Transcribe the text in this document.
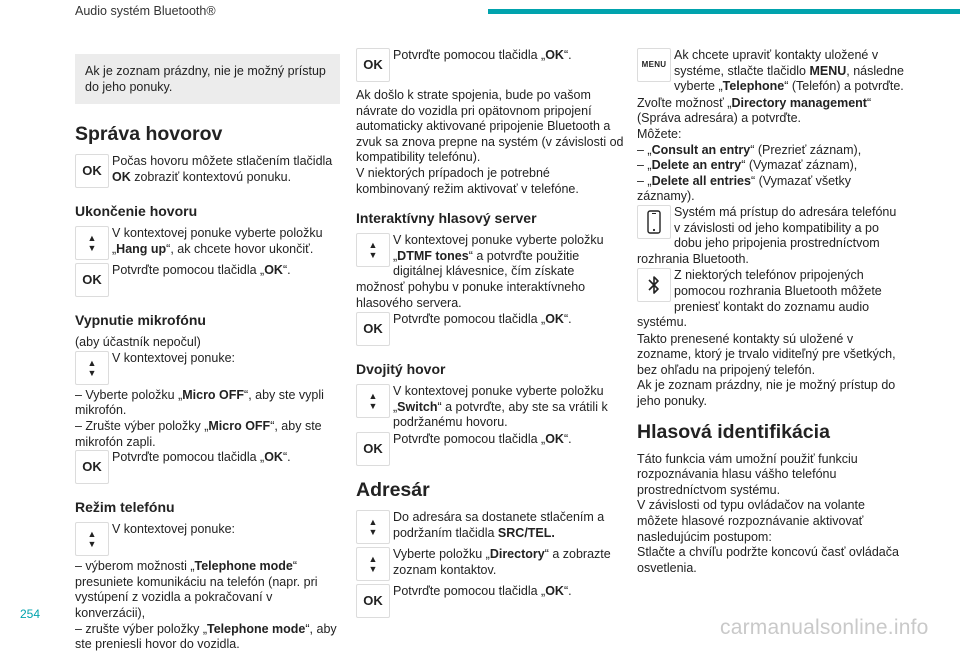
Audio systém Bluetooth®

Ak je zoznam prázdny, nie je možný prístup do jeho ponuky.

Správa hovorov
OK
Počas hovoru môžete stlačením tlačidla OK zobraziť kontextovú ponuku.
Ukončenie hovoru
▲
▼
V kontextovej ponuke vyberte položku „Hang up“, ak chcete hovor ukončiť.
OK
Potvrďte pomocou tlačidla „OK“.
Vypnutie mikrofónu

(aby účastník nepočul)

▲
▼
V kontextovej ponuke:

– Vyberte položku „Micro OFF“, aby ste vypli mikrofón.

– Zrušte výber položky „Micro OFF“, aby ste mikrofón zapli.

OK
Potvrďte pomocou tlačidla „OK“.
Režim telefónu
▲
▼
V kontextovej ponuke:

– výberom možnosti „Telephone mode“ presuniete komunikáciu na telefón (napr. pri vystúpení z vozidla a pokračovaní v konverzácii),

– zrušte výber položky „Telephone mode“, aby ste preniesli hovor do vozidla.

OK
Potvrďte pomocou tlačidla „OK“.

Ak došlo k strate spojenia, bude po vašom návrate do vozidla pri opätovnom pripojení automaticky aktivované pripojenie Bluetooth a zvuk sa znova prepne na systém (v závislosti od kompatibility telefónu).

V niektorých prípadoch je potrebné kombinovaný režim aktivovať v telefóne.

Interaktívny hlasový server
▲
▼
V kontextovej ponuke vyberte položku „DTMF tones“ a potvrďte použitie digitálnej klávesnice, čím získate možnosť pohybu v ponuke interaktívneho hlasového servera.
OK
Potvrďte pomocou tlačidla „OK“.
Dvojitý hovor
▲
▼
V kontextovej ponuke vyberte položku „Switch“ a potvrďte, aby ste sa vrátili k podržanému hovoru.
OK
Potvrďte pomocou tlačidla „OK“.
Adresár
▲
▼
Do adresára sa dostanete stlačením a podržaním tlačidla SRC/TEL.
▲
▼
Vyberte položku „Directory“ a zobrazte zoznam kontaktov.
OK
Potvrďte pomocou tlačidla „OK“.
MENU
Ak chcete upraviť kontakty uložené v systéme, stlačte tlačidlo MENU, následne vyberte „Telephone“ (Telefón) a potvrďte.

Zvoľte možnosť „Directory management“ (Správa adresára) a potvrďte.

Môžete:

– „Consult an entry“ (Prezrieť záznam),

– „Delete an entry“ (Vymazať záznam),

– „Delete all entries“ (Vymazať všetky záznamy).

Systém má prístup do adresára telefónu v závislosti od jeho kompatibility a po dobu jeho pripojenia prostredníctvom rozhrania Bluetooth.
Z niektorých telefónov pripojených pomocou rozhrania Bluetooth môžete preniesť kontakt do zoznamu audio systému.

Takto prenesené kontakty sú uložené v zozname, ktorý je trvalo viditeľný pre všetkých, bez ohľadu na pripojený telefón.

Ak je zoznam prázdny, nie je možný prístup do jeho ponuky.

Hlasová identifikácia

Táto funkcia vám umožní použiť funkciu rozpoznávania hlasu vášho telefónu prostredníctvom systému.

V závislosti od typu ovládačov na volante môžete hlasové rozpoznávanie aktivovať nasledujúcim postupom:

Stlačte a chvíľu podržte koncovú časť ovládača osvetlenia.

254
carmanualsonline.info
